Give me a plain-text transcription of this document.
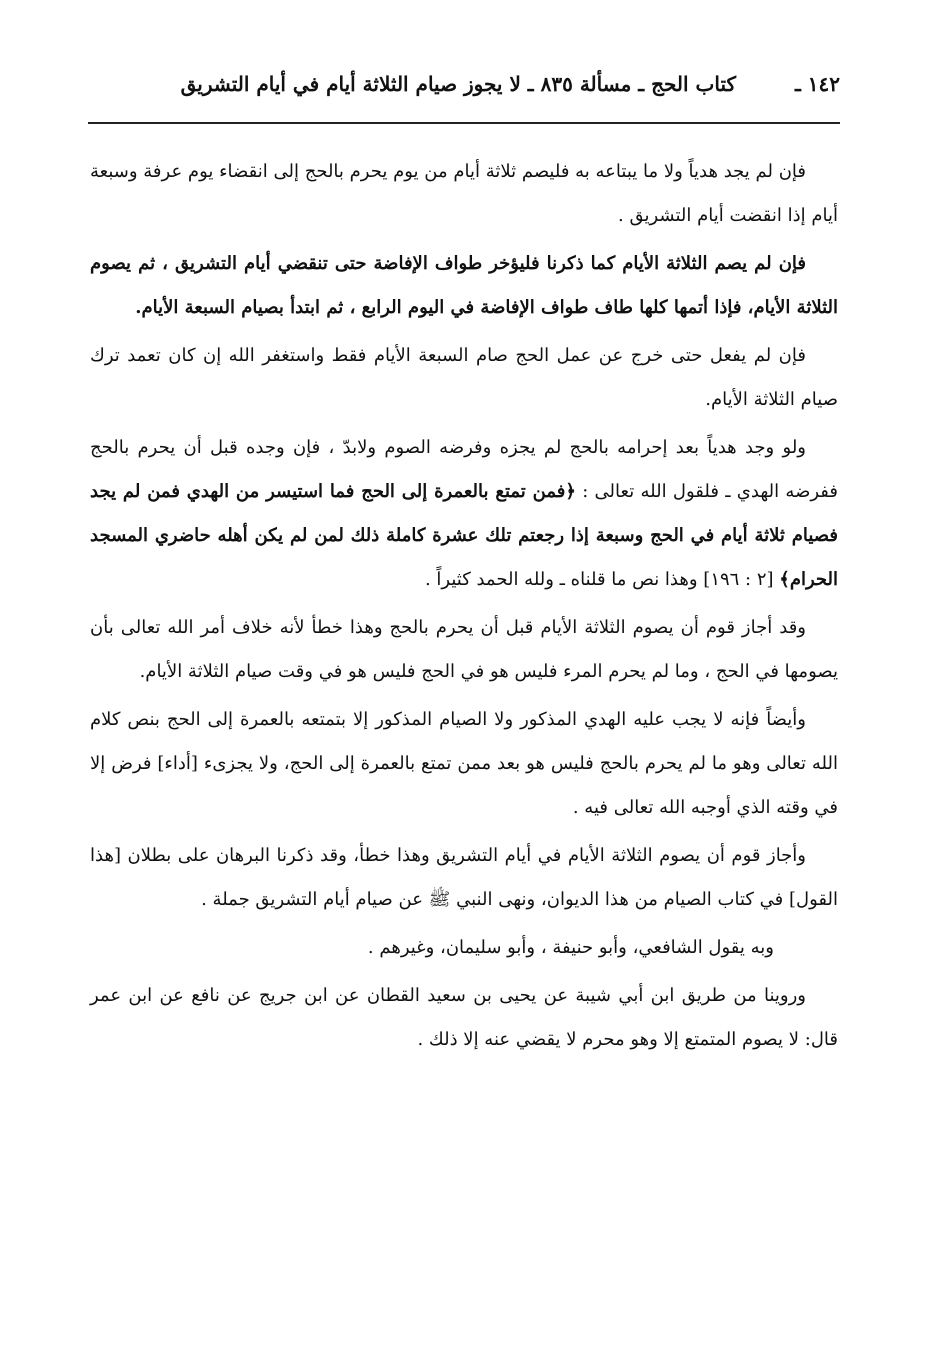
١٤٢ ـ
كتاب الحج ـ مسألة ٨٣٥ ـ لا يجوز صيام الثلاثة أيام في أيام التشريق

فإن لم يجد هدياً ولا ما يبتاعه به فليصم ثلاثة أيام من يوم يحرم بالحج إلى انقضاء يوم عرفة وسبعة أيام إذا انقضت أيام التشريق .

فإن لم يصم الثلاثة الأيام كما ذكرنا فليؤخر طواف الإفاضة حتى تنقضي أيام التشريق ، ثم يصوم الثلاثة الأيام، فإذا أتمها كلها طاف طواف الإفاضة في اليوم الرابع ، ثم ابتدأ بصيام السبعة الأيام.

فإن لم يفعل حتى خرج عن عمل الحج صام السبعة الأيام فقط واستغفر الله إن كان تعمد ترك صيام الثلاثة الأيام.

ولو وجد هدياً بعد إحرامه بالحج لم يجزه وفرضه الصوم ولابدّ ، فإن وجده قبل أن يحرم بالحج ففرضه الهدي ـ فلقول الله تعالى : ﴿فمن تمتع بالعمرة إلى الحج فما استيسر من الهدي فمن لم يجد فصيام ثلاثة أيام في الحج وسبعة إذا رجعتم تلك عشرة كاملة ذلك لمن لم يكن أهله حاضري المسجد الحرام﴾ [٢ : ١٩٦] وهذا نص ما قلناه ـ ولله الحمد كثيراً .

وقد أجاز قوم أن يصوم الثلاثة الأيام قبل أن يحرم بالحج وهذا خطأ لأنه خلاف أمر الله تعالى بأن يصومها في الحج ، وما لم يحرم المرء فليس هو في الحج فليس هو في وقت صيام الثلاثة الأيام.

وأيضاً فإنه لا يجب عليه الهدي المذكور ولا الصيام المذكور إلا بتمتعه بالعمرة إلى الحج بنص كلام الله تعالى وهو ما لم يحرم بالحج فليس هو بعد ممن تمتع بالعمرة إلى الحج، ولا يجزىء [أداء] فرض إلا في وقته الذي أوجبه الله تعالى فيه .

وأجاز قوم أن يصوم الثلاثة الأيام في أيام التشريق وهذا خطأ، وقد ذكرنا البرهان على بطلان [هذا القول] في كتاب الصيام من هذا الديوان، ونهى النبي ﷺ عن صيام أيام التشريق جملة .

وبه يقول الشافعي، وأبو حنيفة ، وأبو سليمان، وغيرهم .

وروينا من طريق ابن أبي شيبة عن يحيى بن سعيد القطان عن ابن جريج عن نافع عن ابن عمر قال: لا يصوم المتمتع إلا وهو محرم لا يقضي عنه إلا ذلك .
